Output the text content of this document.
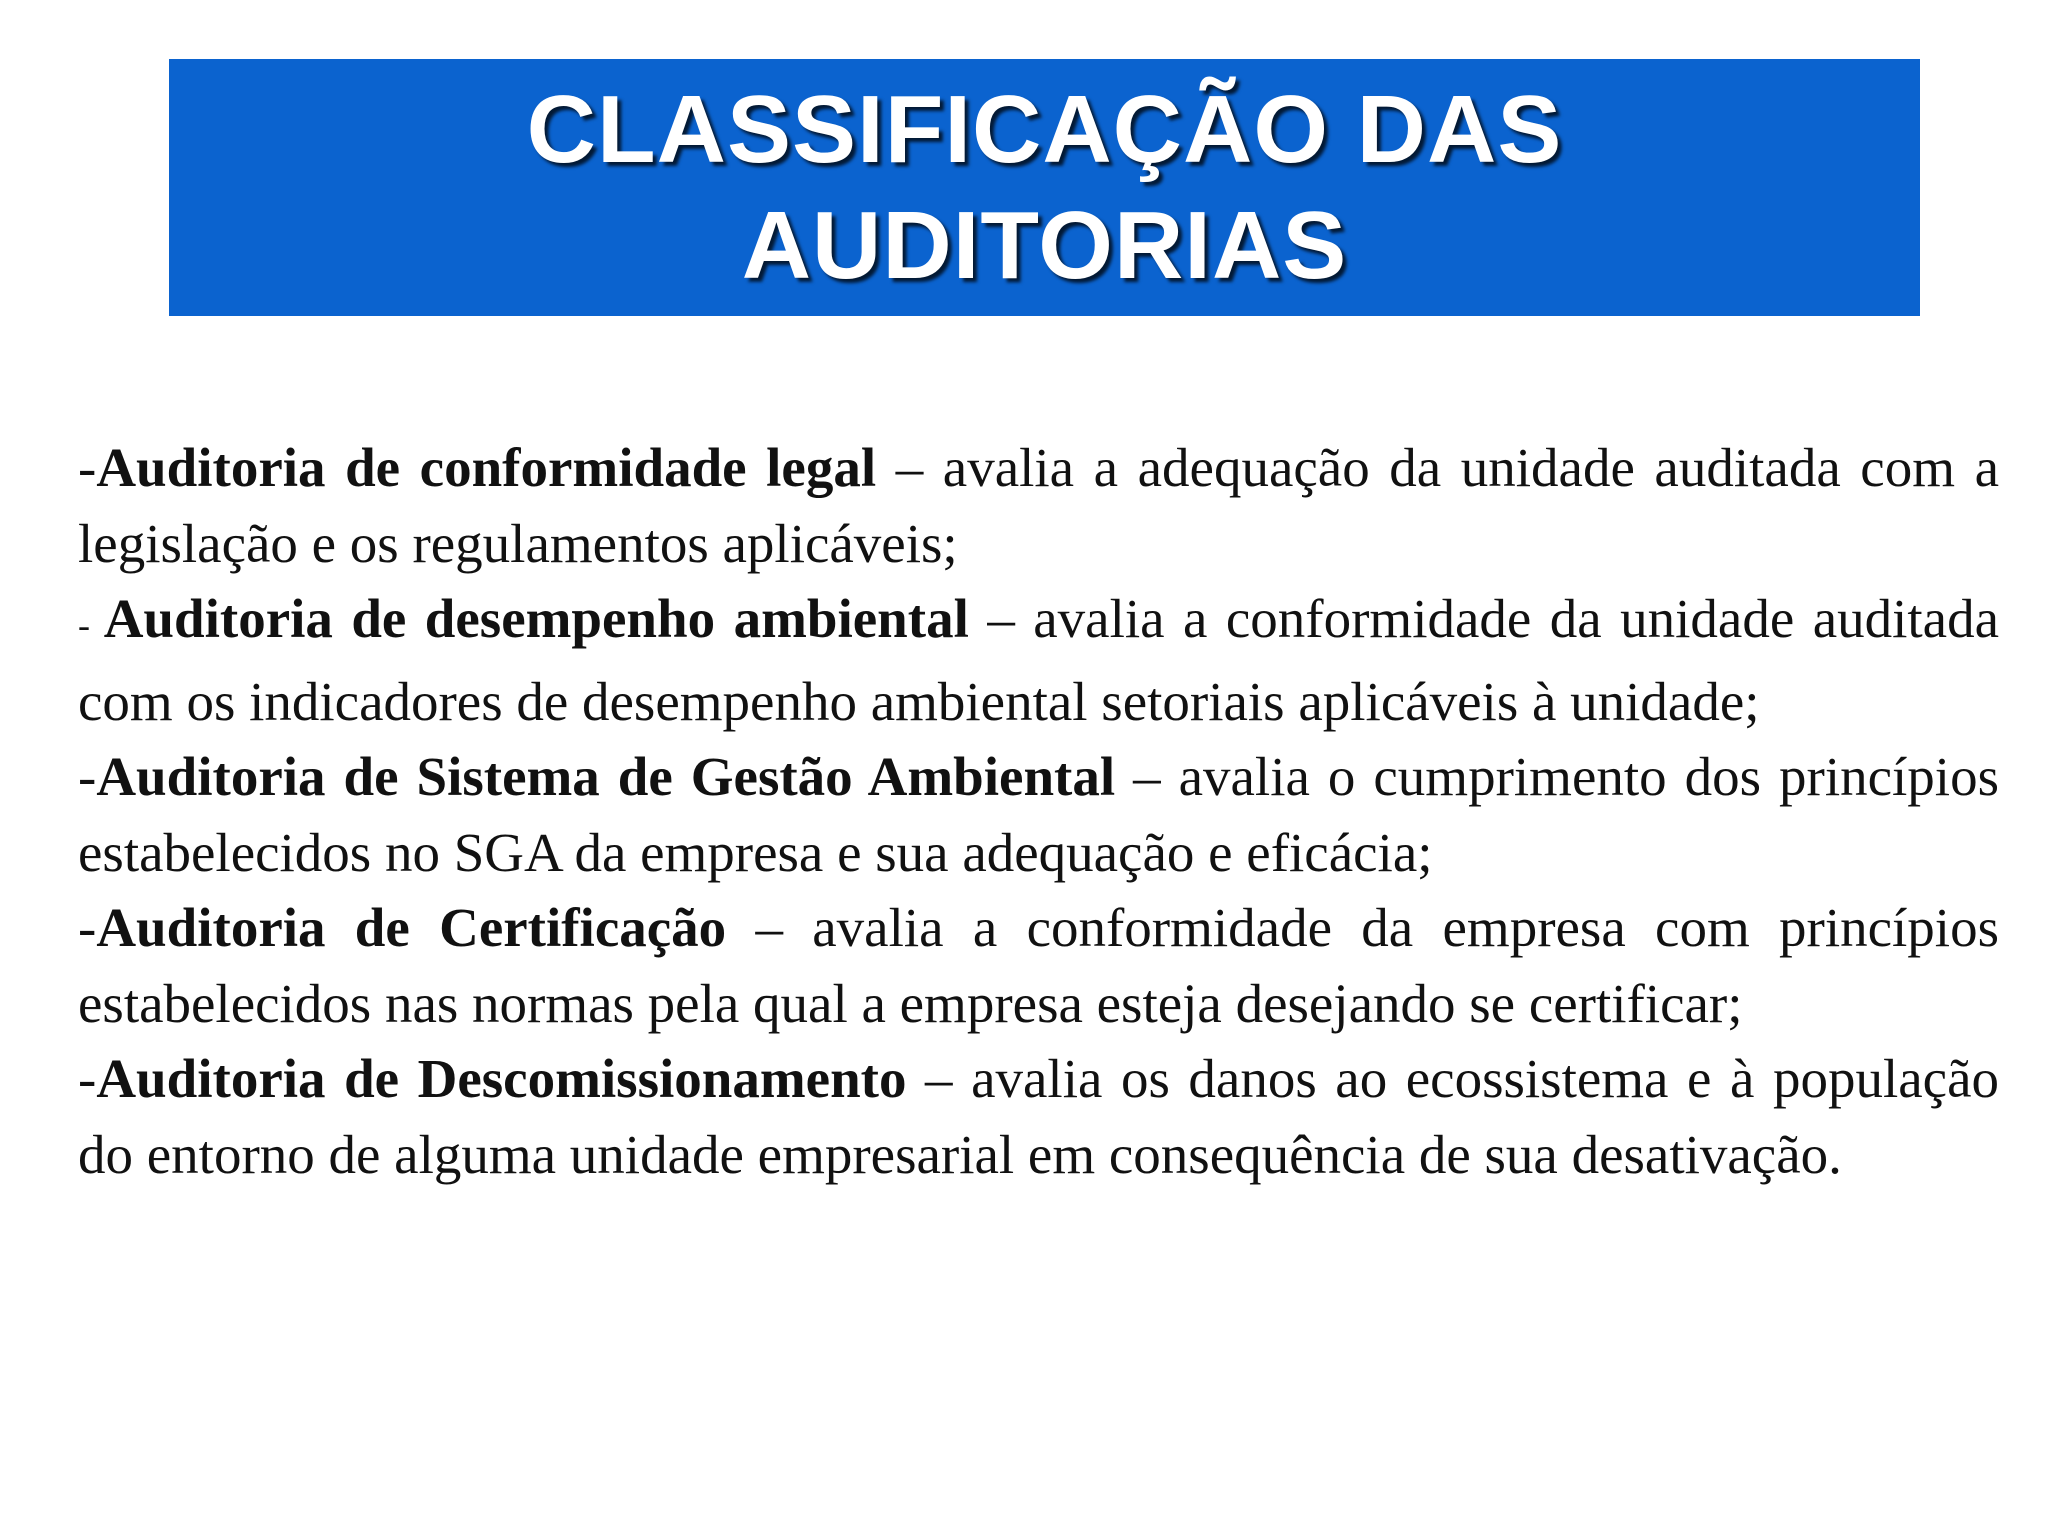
CLASSIFICAÇÃO DAS
AUDITORIAS

-Auditoria de conformidade legal – avalia a adequação da unidade auditada com a legislação e os regulamentos aplicáveis;

- Auditoria de desempenho ambiental – avalia a conformidade da unidade auditada com os indicadores de desempenho ambiental setoriais aplicáveis à unidade;

-Auditoria de Sistema de Gestão Ambiental – avalia o cumprimento dos princípios estabelecidos no SGA da empresa e sua adequação e eficácia;

-Auditoria de Certificação – avalia a conformidade da empresa com princípios estabelecidos nas normas pela qual a empresa esteja desejando se certificar;

-Auditoria de Descomissionamento – avalia os danos ao ecossistema e à população do entorno de alguma unidade empresarial em consequência de sua desativação.
